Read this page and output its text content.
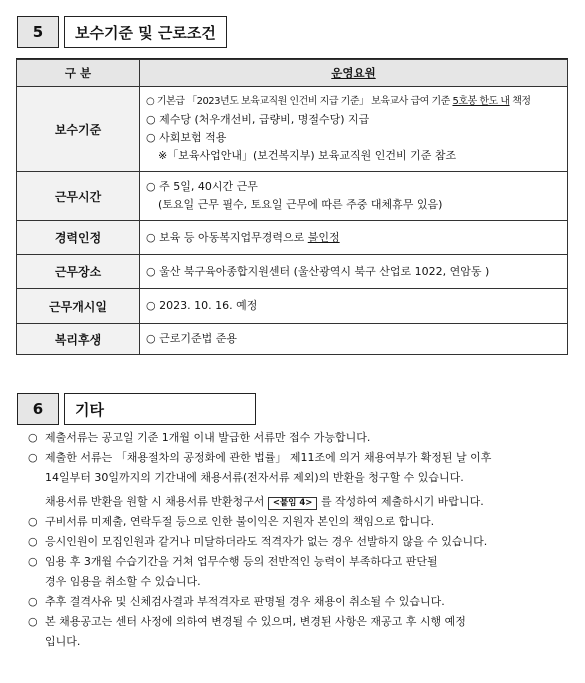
5	보수기준 및 근로조건
구 분	운영요원
보수기준	○ 기본급 「2023년도 보육교직원 인건비 지급 기준」 보육교사 급여 기준 5호봉 한도 내 책정
○ 제수당 (처우개선비, 급량비, 명절수당) 지급
○ 사회보험 적용
※「보육사업안내」(보건복지부) 보육교직원 인건비 기준 참조

근무시간	○ 주 5일, 40시간 근무
(토요일 근무 필수, 토요일 근무에 따른 주중 대체휴무 있음)

경력인정	○ 보육 등 아동복지업무경력으로 불인정

근무장소	○ 울산 북구육아종합지원센터 (울산광역시 북구 산업로 1022, 연암동 )

근무개시일	○ 2023. 10. 16. 예정

복리후생	○ 근로기준법 준용
6	기타
○ 제출서류는 공고일 기준 1개월 이내 발급한 서류만 접수 가능합니다.
○ 제출한 서류는 「채용절차의 공정화에 관한 법률」 제11조에 의거 채용여부가 확정된 날 이후
14일부터 30일까지의 기간내에 채용서류(전자서류 제외)의 반환을 청구할 수 있습니다.
채용서류 반환을 원할 시 채용서류 반환청구서 <붙임 4> 를 작성하여 제출하시기 바랍니다.
○ 구비서류 미제출, 연락두절 등으로 인한 불이익은 지원자 본인의 책임으로 합니다.
○ 응시인원이 모집인원과 같거나 미달하더라도 적격자가 없는 경우 선발하지 않을 수 있습니다.
○ 임용 후 3개월 수습기간을 거쳐 업무수행 등의 전반적인 능력이 부족하다고 판단될
경우 임용을 취소할 수 있습니다.
○ 추후 결격사유 및 신체검사결과 부적격자로 판명될 경우 채용이 취소될 수 있습니다.
○ 본 채용공고는 센터 사정에 의하여 변경될 수 있으며, 변경된 사항은 재공고 후 시행 예정
입니다.
